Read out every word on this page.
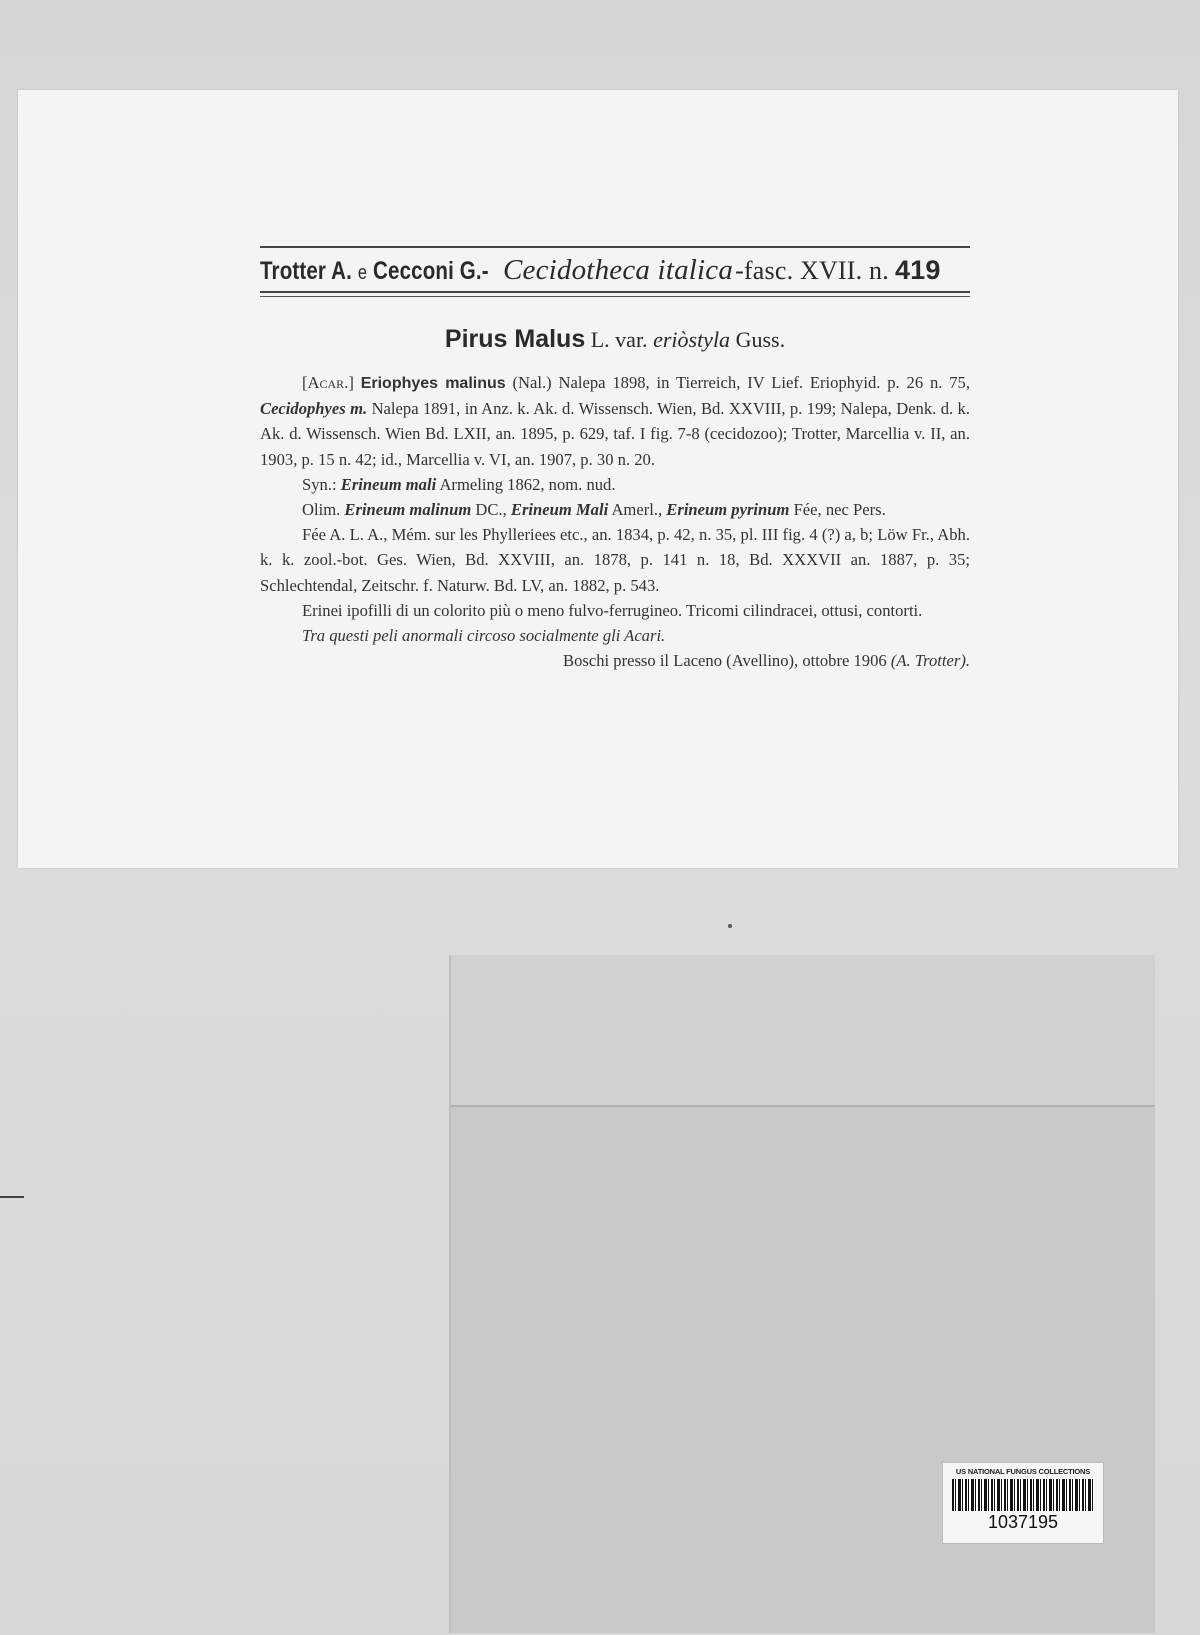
Trotter A. e Cecconi G.- Cecidotheca italica -fasc. XVII. n. 419
Pirus Malus L. var. eriòstyla Guss.

[Acar.] Eriophyes malinus (Nal.) Nalepa 1898, in Tierreich, IV Lief. Eriophyid. p. 26 n. 75, Cecidophyes m. Nalepa 1891, in Anz. k. Ak. d. Wissensch. Wien, Bd. XXVIII, p. 199; Nalepa, Denk. d. k. Ak. d. Wissensch. Wien Bd. LXII, an. 1895, p. 629, taf. I fig. 7-8 (cecidozoo); Trotter, Marcellia v. II, an. 1903, p. 15 n. 42; id., Marcellia v. VI, an. 1907, p. 30 n. 20.

Syn.: Erineum mali Armeling 1862, nom. nud.

Olim. Erineum malinum DC., Erineum Mali Amerl., Erineum pyrinum Fée, nec Pers.

Fée A. L. A., Mém. sur les Phylleriees etc., an. 1834, p. 42, n. 35, pl. III fig. 4 (?) a, b; Löw Fr., Abh. k. k. zool.-bot. Ges. Wien, Bd. XXVIII, an. 1878, p. 141 n. 18, Bd. XXXVII an. 1887, p. 35; Schlechtendal, Zeitschr. f. Naturw. Bd. LV, an. 1882, p. 543.

Erinei ipofilli di un colorito più o meno fulvo-ferrugineo. Tricomi cilindracei, ottusi, contorti.

Tra questi peli anormali circoso socialmente gli Acari.

Boschi presso il Laceno (Avellino), ottobre 1906 (A. Trotter).

US NATIONAL FUNGUS COLLECTIONS
1037195
